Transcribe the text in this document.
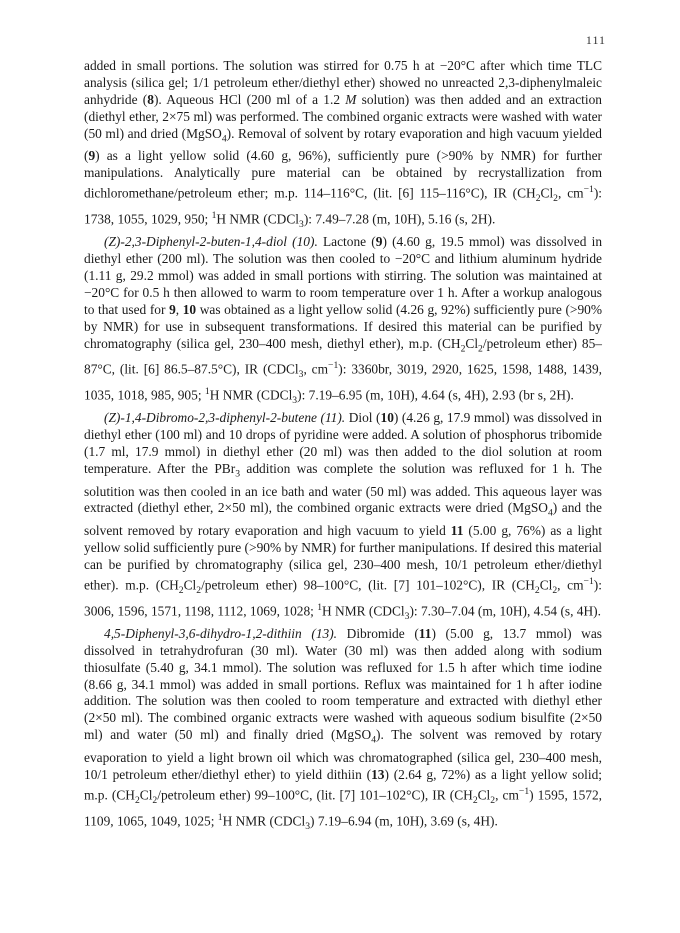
111

added in small portions. The solution was stirred for 0.75 h at −20°C after which time TLC analysis (silica gel; 1/1 petroleum ether/diethyl ether) showed no unreacted 2,3-diphenylmaleic anhydride (8). Aqueous HCl (200 ml of a 1.2 M solution) was then added and an extraction (diethyl ether, 2×75 ml) was performed. The combined organic extracts were washed with water (50 ml) and dried (MgSO$_4$). Removal of solvent by rotary evaporation and high vacuum yielded (9) as a light yellow solid (4.60 g, 96%), sufficiently pure (>90% by NMR) for further manipulations. Analytically pure material can be obtained by recrystallization from dichloromethane/petroleum ether; m.p. 114–116°C, (lit. [6] 115–116°C), IR ($CH_2Cl_2$, $cm^{-1}$): 1738, 1055, 1029, 950; $^1$H NMR (CDCl$_3$): 7.49–7.28 (m, 10H), 5.16 (s, 2H).

(Z)-2,3-Diphenyl-2-buten-1,4-diol (10). Lactone (9) (4.60 g, 19.5 mmol) was dissolved in diethyl ether (200 ml). The solution was then cooled to −20°C and lithium aluminum hydride (1.11 g, 29.2 mmol) was added in small portions with stirring. The solution was maintained at −20°C for 0.5 h then allowed to warm to room temperature over 1 h. After a workup analogous to that used for 9, 10 was obtained as a light yellow solid (4.26 g, 92%) sufficiently pure (>90% by NMR) for use in subsequent transformations. If desired this material can be purified by chromatography (silica gel, 230–400 mesh, diethyl ether), m.p. ($CH_2Cl_2$/petroleum ether) 85–87°C, (lit. [6] 86.5–87.5°C), IR (CDCl$_3$, $cm^{-1}$): 3360br, 3019, 2920, 1625, 1598, 1488, 1439, 1035, 1018, 985, 905; $^1$H NMR (CDCl$_3$): 7.19–6.95 (m, 10H), 4.64 (s, 4H), 2.93 (br s, 2H).

(Z)-1,4-Dibromo-2,3-diphenyl-2-butene (11). Diol (10) (4.26 g, 17.9 mmol) was dissolved in diethyl ether (100 ml) and 10 drops of pyridine were added. A solution of phosphorus tribomide (1.7 ml, 17.9 mmol) in diethyl ether (20 ml) was then added to the diol solution at room temperature. After the PBr$_3$ addition was complete the solution was refluxed for 1 h. The solutition was then cooled in an ice bath and water (50 ml) was added. This aqueous layer was extracted (diethyl ether, 2×50 ml), the combined organic extracts were dried (MgSO$_4$) and the solvent removed by rotary evaporation and high vacuum to yield 11 (5.00 g, 76%) as a light yellow solid sufficiently pure (>90% by NMR) for further manipulations. If desired this material can be purified by chromatography (silica gel, 230–400 mesh, 10/1 petroleum ether/diethyl ether). m.p. ($CH_2Cl_2$/petroleum ether) 98–100°C, (lit. [7] 101–102°C), IR ($CH_2Cl_2$, $cm^{-1}$): 3006, 1596, 1571, 1198, 1112, 1069, 1028; $^1$H NMR (CDCl$_3$): 7.30–7.04 (m, 10H), 4.54 (s, 4H).

4,5-Diphenyl-3,6-dihydro-1,2-dithiin (13). Dibromide (11) (5.00 g, 13.7 mmol) was dissolved in tetrahydrofuran (30 ml). Water (30 ml) was then added along with sodium thiosulfate (5.40 g, 34.1 mmol). The solution was refluxed for 1.5 h after which time iodine (8.66 g, 34.1 mmol) was added in small portions. Reflux was maintained for 1 h after iodine addition. The solution was then cooled to room temperature and extracted with diethyl ether (2×50 ml). The combined organic extracts were washed with aqueous sodium bisulfite (2×50 ml) and water (50 ml) and finally dried (MgSO$_4$). The solvent was removed by rotary evaporation to yield a light brown oil which was chromatographed (silica gel, 230–400 mesh, 10/1 petroleum ether/diethyl ether) to yield dithiin (13) (2.64 g, 72%) as a light yellow solid; m.p. ($CH_2Cl_2$/petroleum ether) 99–100°C, (lit. [7] 101–102°C), IR ($CH_2Cl_2$, $cm^{-1}$) 1595, 1572, 1109, 1065, 1049, 1025; $^1$H NMR (CDCl$_3$) 7.19–6.94 (m, 10H), 3.69 (s, 4H).
